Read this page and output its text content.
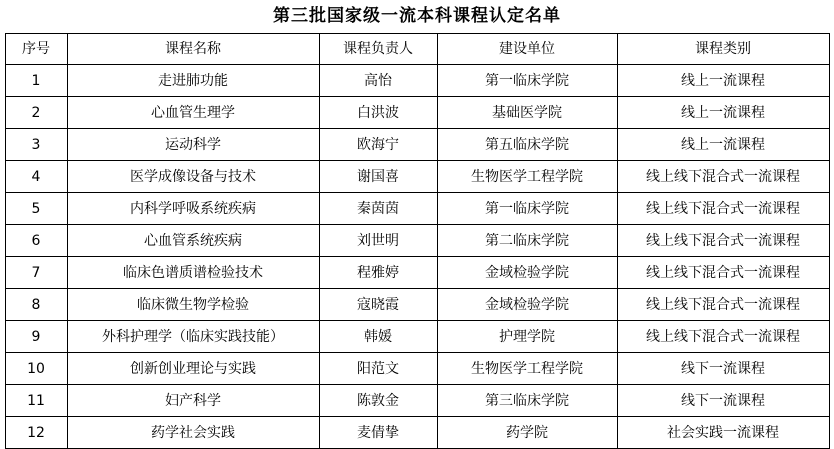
第三批国家级一流本科课程认定名单
序号	课程名称	课程负责人	建设单位	课程类别
1	走进肺功能	高怡	第一临床学院	线上一流课程
2	心血管生理学	白洪波	基础医学院	线上一流课程
3	运动科学	欧海宁	第五临床学院	线上一流课程
4	医学成像设备与技术	谢国喜	生物医学工程学院	线上线下混合式一流课程
5	内科学呼吸系统疾病	秦茵茵	第一临床学院	线上线下混合式一流课程
6	心血管系统疾病	刘世明	第二临床学院	线上线下混合式一流课程
7	临床色谱质谱检验技术	程雅婷	金域检验学院	线上线下混合式一流课程
8	临床微生物学检验	寇晓霞	金域检验学院	线上线下混合式一流课程
9	外科护理学（临床实践技能）	韩媛	护理学院	线上线下混合式一流课程
10	创新创业理论与实践	阳范文	生物医学工程学院	线下一流课程
11	妇产科学	陈敦金	第三临床学院	线下一流课程
12	药学社会实践	麦倩挚	药学院	社会实践一流课程
